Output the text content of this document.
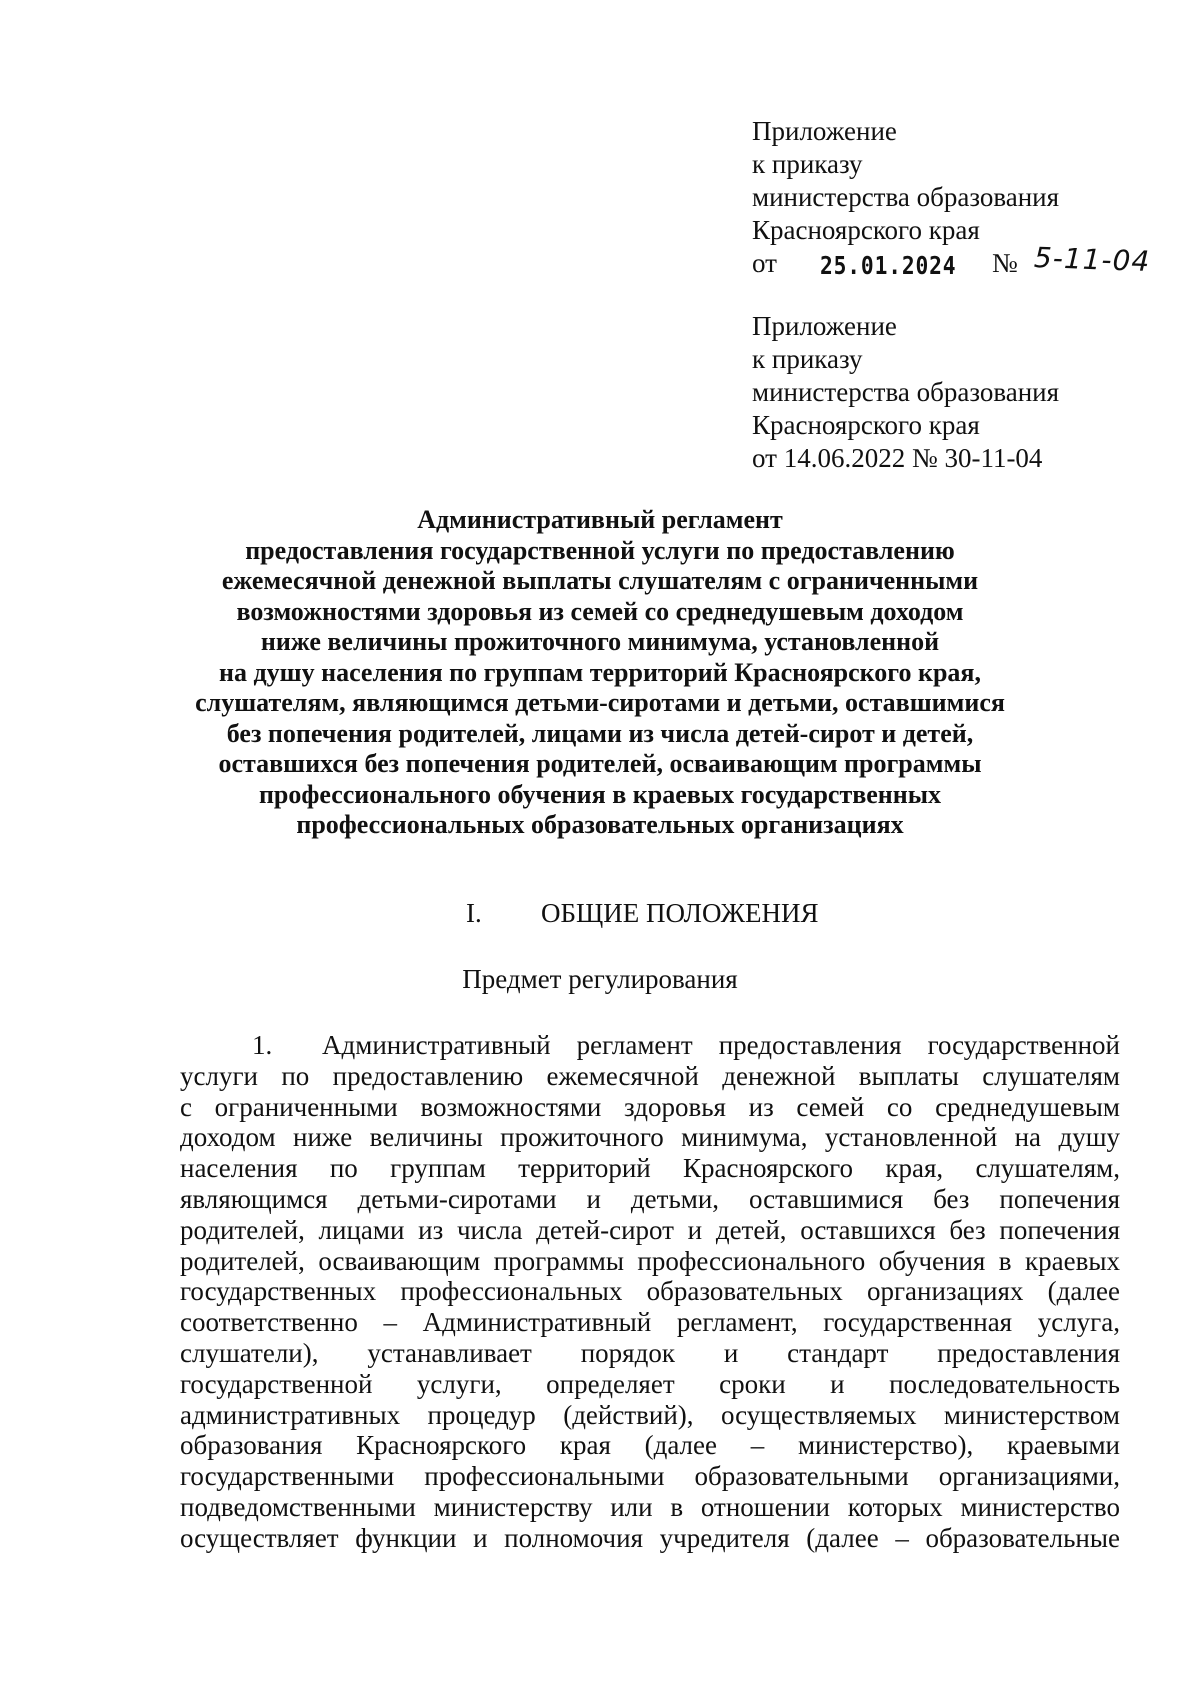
Приложение
к приказу
министерства образования
Красноярского края
от 25.01.2024 № 5-11-04
Приложение
к приказу
министерства образования
Красноярского края
от 14.06.2022 № 30-11-04
Административный регламент
предоставления государственной услуги по предоставлению
ежемесячной денежной выплаты слушателям с ограниченными
возможностями здоровья из семей со среднедушевым доходом
ниже величины прожиточного минимума, установленной
на душу населения по группам территорий Красноярского края,
слушателям, являющимся детьми-сиротами и детьми, оставшимися
без попечения родителей, лицами из числа детей-сирот и детей,
оставшихся без попечения родителей, осваивающим программы
профессионального обучения в краевых государственных
профессиональных образовательных организациях
I. ОБЩИЕ ПОЛОЖЕНИЯ
Предмет регулирования
1. Административный регламент предоставления государственной
услуги по предоставлению ежемесячной денежной выплаты слушателям
с ограниченными возможностями здоровья из семей со среднедушевым
доходом ниже величины прожиточного минимума, установленной на душу
населения по группам территорий Красноярского края, слушателям,
являющимся детьми-сиротами и детьми, оставшимися без попечения
родителей, лицами из числа детей-сирот и детей, оставшихся без попечения
родителей, осваивающим программы профессионального обучения в краевых
государственных профессиональных образовательных организациях (далее
соответственно – Административный регламент, государственная услуга,
слушатели), устанавливает порядок и стандарт предоставления
государственной услуги, определяет сроки и последовательность
административных процедур (действий), осуществляемых министерством
образования Красноярского края (далее – министерство), краевыми
государственными профессиональными образовательными организациями,
подведомственными министерству или в отношении которых министерство
осуществляет функции и полномочия учредителя (далее – образовательные
